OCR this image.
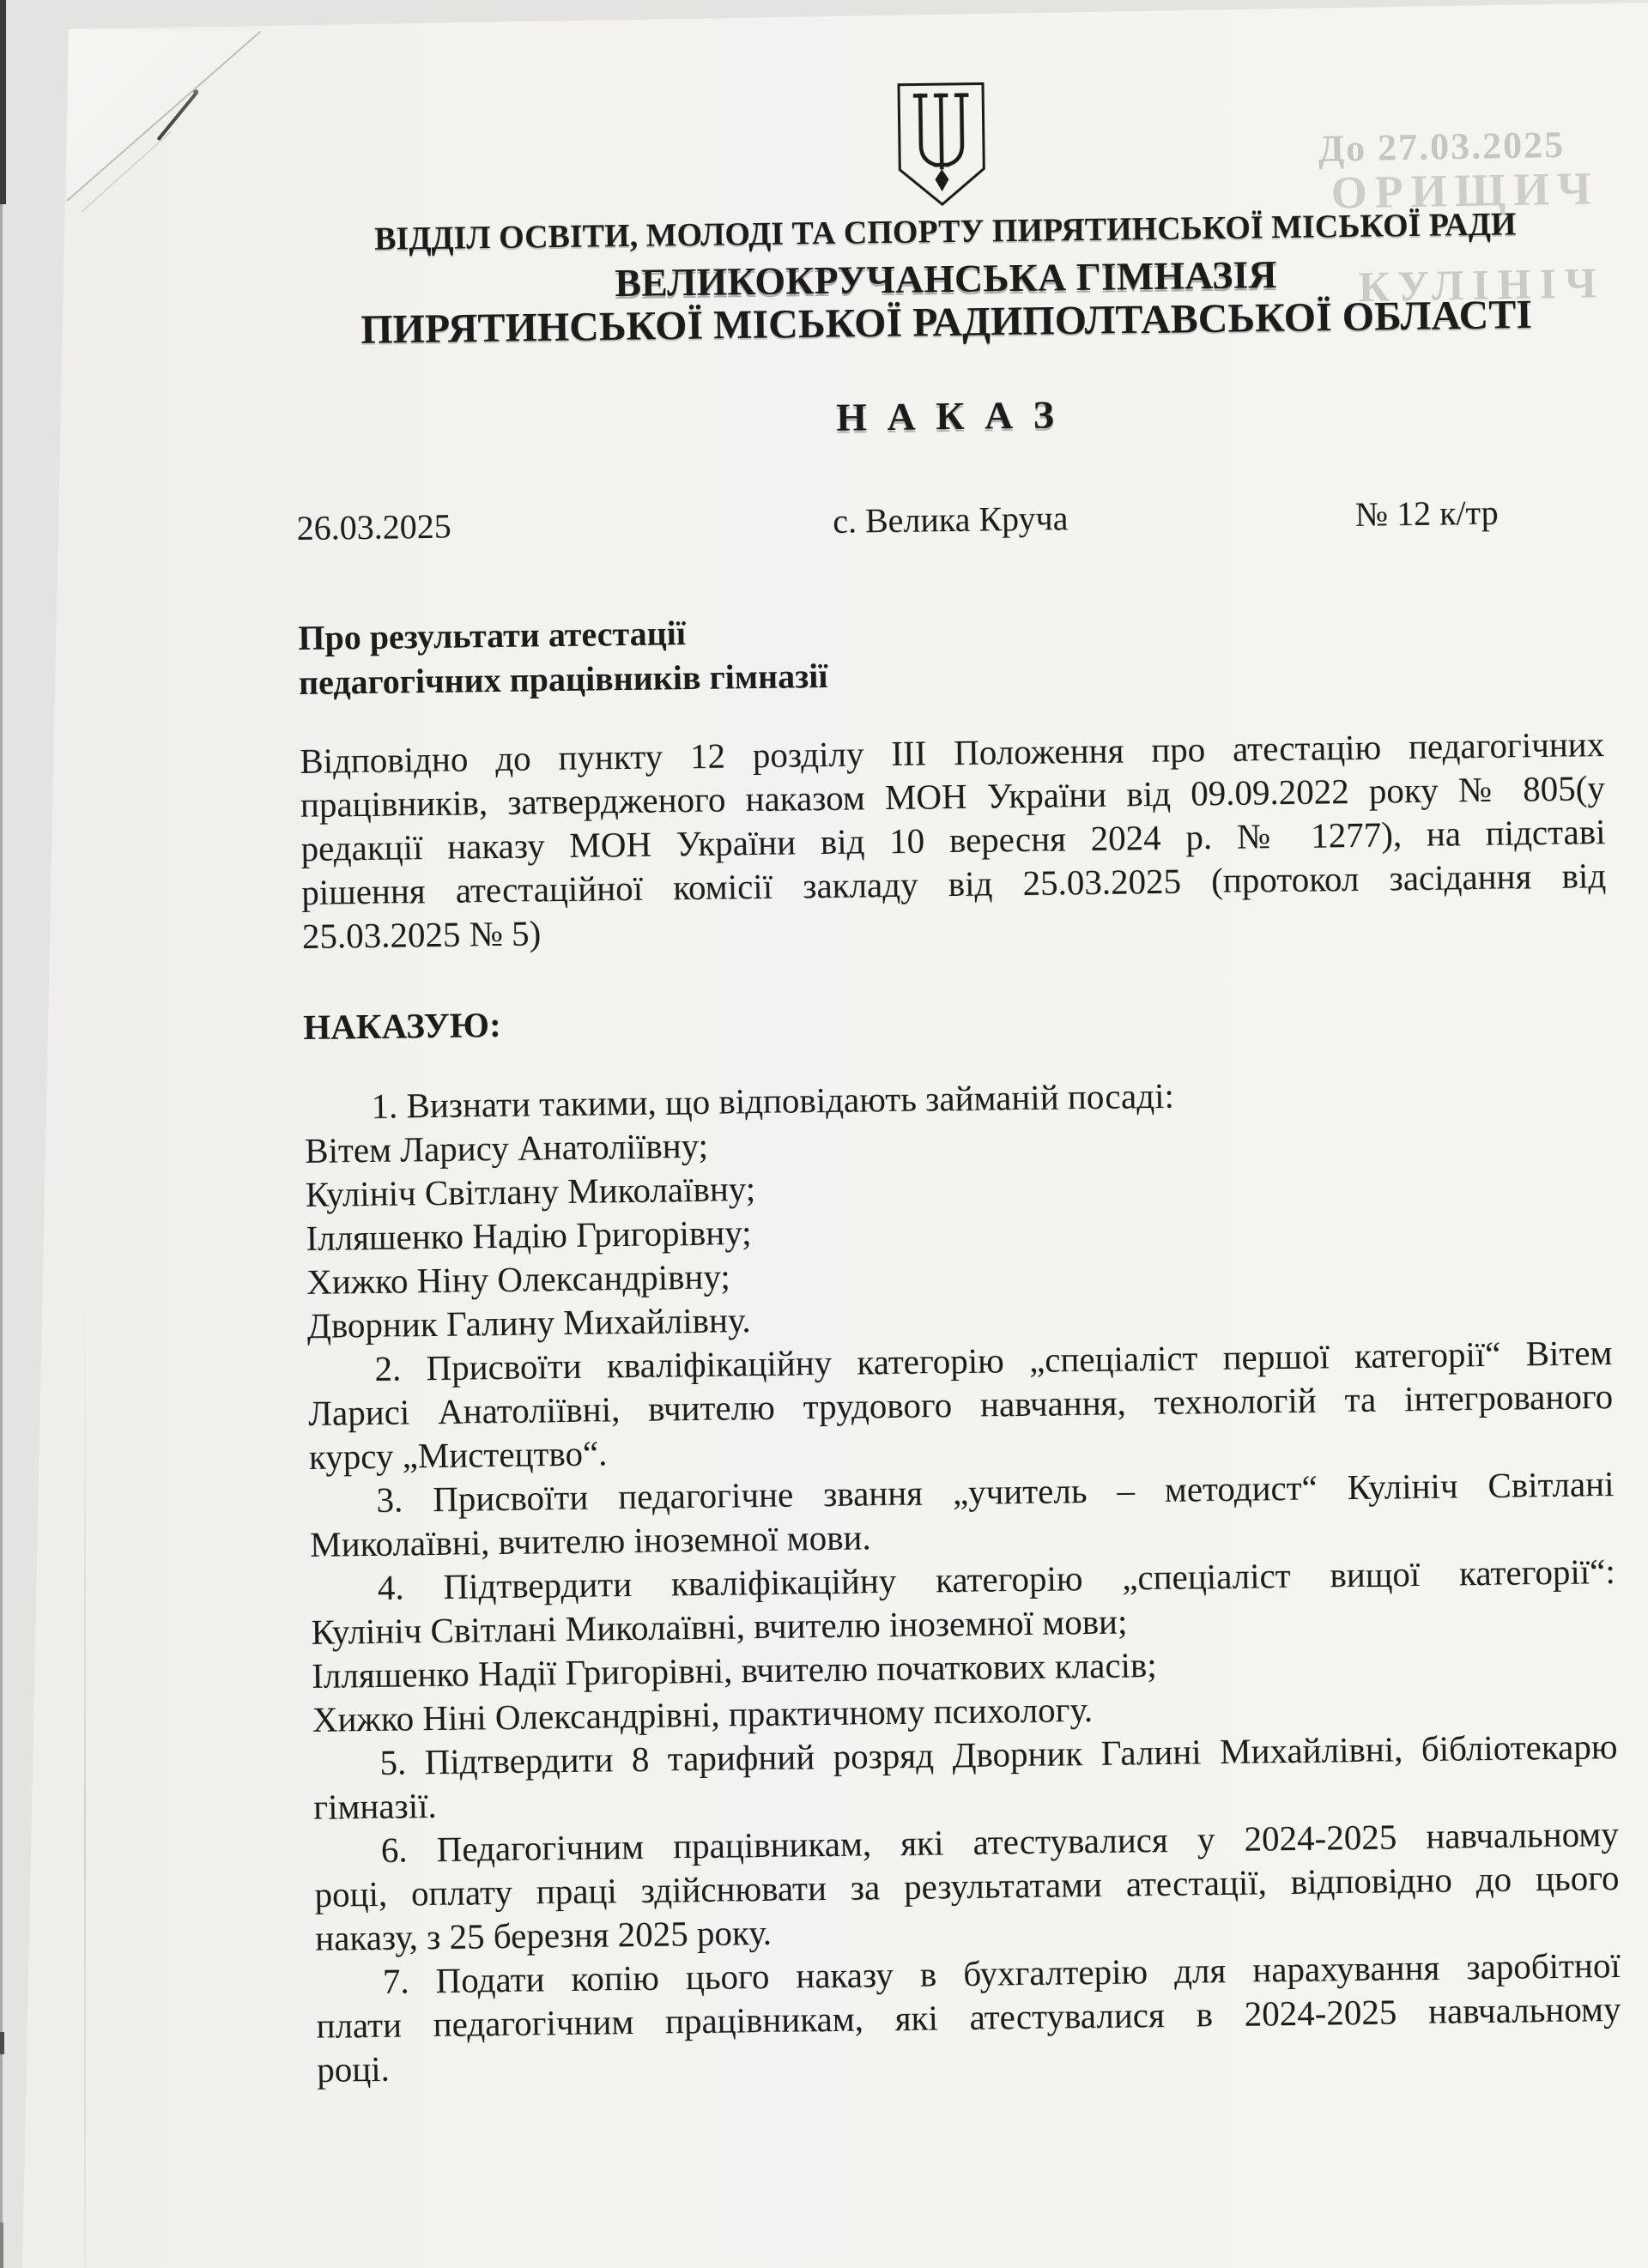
До 27.03.2025
ОРИЩИЧ
КУЛІНІЧ
ВІДДІЛ ОСВІТИ, МОЛОДІ ТА СПОРТУ ПИРЯТИНСЬКОЇ МІСЬКОЇ РАДИ
ВЕЛИКОКРУЧАНСЬКА ГІМНАЗІЯ
ПИРЯТИНСЬКОЇ МІСЬКОЇ РАДИПОЛТАВСЬКОЇ ОБЛАСТІ
Н А К А З
26.03.2025	с. Велика Круча	№ 12 к/тр
Про результати атестації
педагогічних працівників гімназії
Відповідно до пункту 12 розділу ІІІ Положення про атестацію педагогічних
працівників, затвердженого наказом МОН України від 09.09.2022 року № 805(у
редакції наказу МОН України від 10 вересня 2024 р. № 1277), на підставі
рішення атестаційної комісії закладу від 25.03.2025 (протокол засідання від
25.03.2025 № 5)
НАКАЗУЮ:
1. Визнати такими, що відповідають займаній посаді:
Вітем Ларису Анатоліївну;
Кулініч Світлану Миколаївну;
Ілляшенко Надію Григорівну;
Хижко Ніну Олександрівну;
Дворник Галину Михайлівну.
2. Присвоїти кваліфікаційну категорію „спеціаліст першої категорії“ Вітем
Ларисі Анатоліївні, вчителю трудового навчання, технологій та інтегрованого
курсу „Мистецтво“.
3. Присвоїти педагогічне звання „учитель – методист“ Кулініч Світлані
Миколаївні, вчителю іноземної мови.
4. Підтвердити кваліфікаційну категорію „спеціаліст вищої категорії“:
Кулініч Світлані Миколаївні, вчителю іноземної мови;
Ілляшенко Надії Григорівні, вчителю початкових класів;
Хижко Ніні Олександрівні, практичному психологу.
5. Підтвердити 8 тарифний розряд Дворник Галині Михайлівні, бібліотекарю
гімназії.
6. Педагогічним працівникам, які атестувалися у 2024-2025 навчальному
році, оплату праці здійснювати за результатами атестації, відповідно до цього
наказу, з 25 березня 2025 року.
7. Подати копію цього наказу в бухгалтерію для нарахування заробітної
плати педагогічним працівникам, які атестувалися в 2024-2025 навчальному
році.
